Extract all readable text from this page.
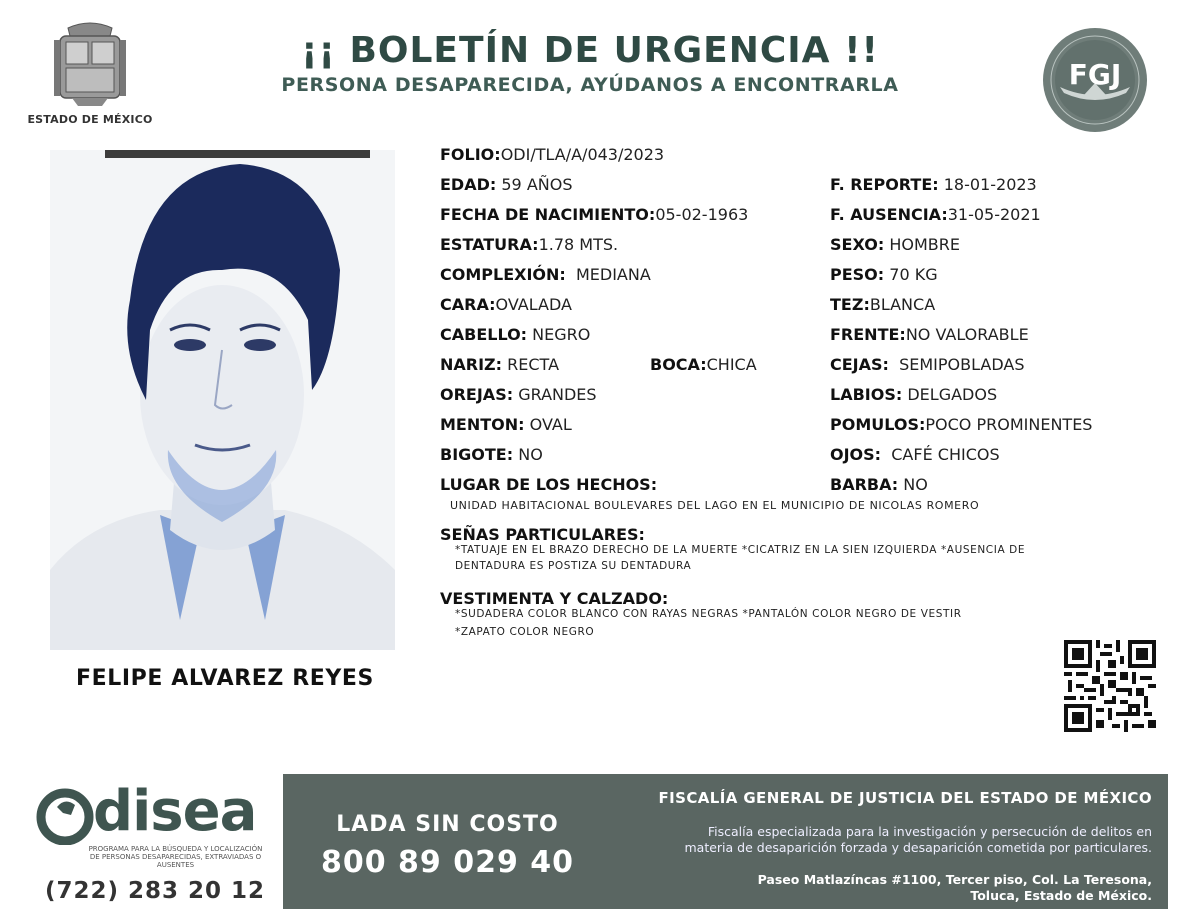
ESTADO DE MÉXICO
¡¡ BOLETÍN DE URGENCIA !!
PERSONA DESAPARECIDA, AYÚDANOS A ENCONTRARLA	FGJ
FELIPE ALVAREZ REYES
FOLIO:ODI/TLA/A/043/2023
EDAD: 59 AÑOS	F. REPORTE: 18-01-2023
FECHA DE NACIMIENTO:05-02-1963	F. AUSENCIA:31-05-2021
ESTATURA:1.78 MTS.	SEXO: HOMBRE
COMPLEXIÓN: MEDIANA	PESO: 70 KG
CARA:OVALADA	TEZ:BLANCA
CABELLO: NEGRO	FRENTE:NO VALORABLE
NARIZ: RECTA	BOCA:CHICA	CEJAS: SEMIPOBLADAS
OREJAS: GRANDES	LABIOS: DELGADOS
MENTON: OVAL	POMULOS:POCO PROMINENTES
BIGOTE: NO	OJOS: CAFÉ CHICOS
LUGAR DE LOS HECHOS:	BARBA: NO
UNIDAD HABITACIONAL BOULEVARES DEL LAGO EN EL MUNICIPIO DE NICOLAS ROMERO
SEÑAS PARTICULARES:
*TATUAJE EN EL BRAZO DERECHO DE LA MUERTE *CICATRIZ EN LA SIEN IZQUIERDA *AUSENCIA DE
DENTADURA ES POSTIZA SU DENTADURA
VESTIMENTA Y CALZADO:
*SUDADERA COLOR BLANCO CON RAYAS NEGRAS *PANTALÓN COLOR NEGRO DE VESTIR
*ZAPATO COLOR NEGRO
disea
PROGRAMA PARA LA BÚSQUEDA Y LOCALIZACIÓN
DE PERSONAS DESAPARECIDAS, EXTRAVIADAS O
AUSENTES
(722) 283 20 12
LADA SIN COSTO
800 89 029 40
FISCALÍA GENERAL DE JUSTICIA DEL ESTADO DE MÉXICO
Fiscalía especializada para la investigación y persecución de delitos en
materia de desaparición forzada y desaparición cometida por particulares.
Paseo Matlazíncas #1100, Tercer piso, Col. La Teresona,
Toluca, Estado de México.
